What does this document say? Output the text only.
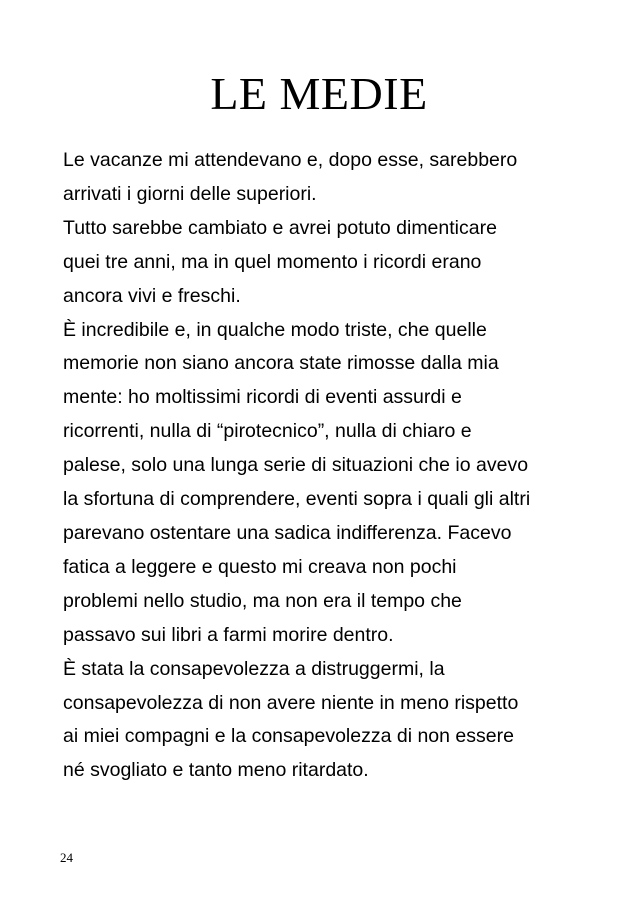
LE MEDIE
Le vacanze mi attendevano e, dopo esse, sarebbero
arrivati i giorni delle superiori.
Tutto sarebbe cambiato e avrei potuto dimenticare
quei tre anni, ma in quel momento i ricordi erano
ancora vivi e freschi.
È incredibile e, in qualche modo triste, che quelle
memorie non siano ancora state rimosse dalla mia
mente: ho moltissimi ricordi di eventi assurdi e
ricorrenti, nulla di “pirotecnico”, nulla di chiaro e
palese, solo una lunga serie di situazioni che io avevo
la sfortuna di comprendere, eventi sopra i quali gli altri
parevano ostentare una sadica indifferenza. Facevo
fatica a leggere e questo mi creava non pochi
problemi nello studio, ma non era il tempo che
passavo sui libri a farmi morire dentro.
È stata la consapevolezza a distruggermi, la
consapevolezza di non avere niente in meno rispetto
ai miei compagni e la consapevolezza di non essere
né svogliato e tanto meno ritardato.
24
